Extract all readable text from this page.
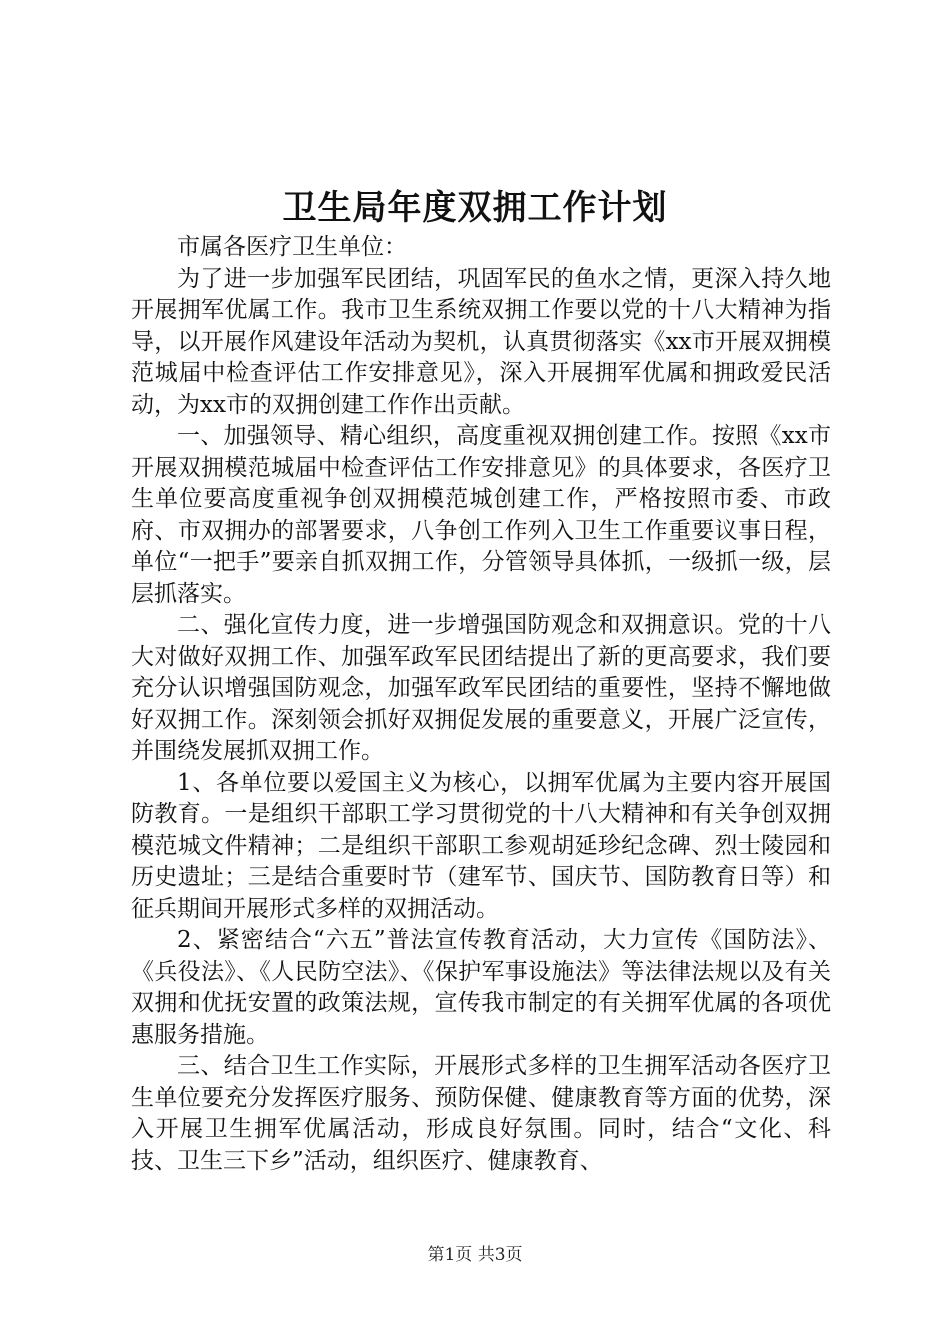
卫生局年度双拥工作计划

市属各医疗卫生单位：

为了进一步加强军民团结，巩固军民的鱼水之情，更深入持久地开展拥军优属工作。我市卫生系统双拥工作要以党的十八大精神为指导，以开展作风建设年活动为契机，认真贯彻落实《xx市开展双拥模范城届中检查评估工作安排意见》，深入开展拥军优属和拥政爱民活动，为xx市的双拥创建工作作出贡献。

一、加强领导、精心组织，高度重视双拥创建工作。按照《xx市开展双拥模范城届中检查评估工作安排意见》的具体要求，各医疗卫生单位要高度重视争创双拥模范城创建工作，严格按照市委、市政府、市双拥办的部署要求，八争创工作列入卫生工作重要议事日程，单位“一把手”要亲自抓双拥工作，分管领导具体抓，一级抓一级，层层抓落实。

二、强化宣传力度，进一步增强国防观念和双拥意识。党的十八大对做好双拥工作、加强军政军民团结提出了新的更高要求，我们要充分认识增强国防观念，加强军政军民团结的重要性，坚持不懈地做好双拥工作。深刻领会抓好双拥促发展的重要意义，开展广泛宣传，并围绕发展抓双拥工作。

1、各单位要以爱国主义为核心，以拥军优属为主要内容开展国防教育。一是组织干部职工学习贯彻党的十八大精神和有关争创双拥模范城文件精神；二是组织干部职工参观胡延珍纪念碑、烈士陵园和历史遗址；三是结合重要时节（建军节、国庆节、国防教育日等）和征兵期间开展形式多样的双拥活动。

2、紧密结合“六五”普法宣传教育活动，大力宣传《国防法》、《兵役法》、《人民防空法》、《保护军事设施法》等法律法规以及有关双拥和优抚安置的政策法规，宣传我市制定的有关拥军优属的各项优惠服务措施。

三、结合卫生工作实际，开展形式多样的卫生拥军活动各医疗卫生单位要充分发挥医疗服务、预防保健、健康教育等方面的优势，深入开展卫生拥军优属活动，形成良好氛围。同时，结合“文化、科技、卫生三下乡”活动，组织医疗、健康教育、

第1页 共3页
